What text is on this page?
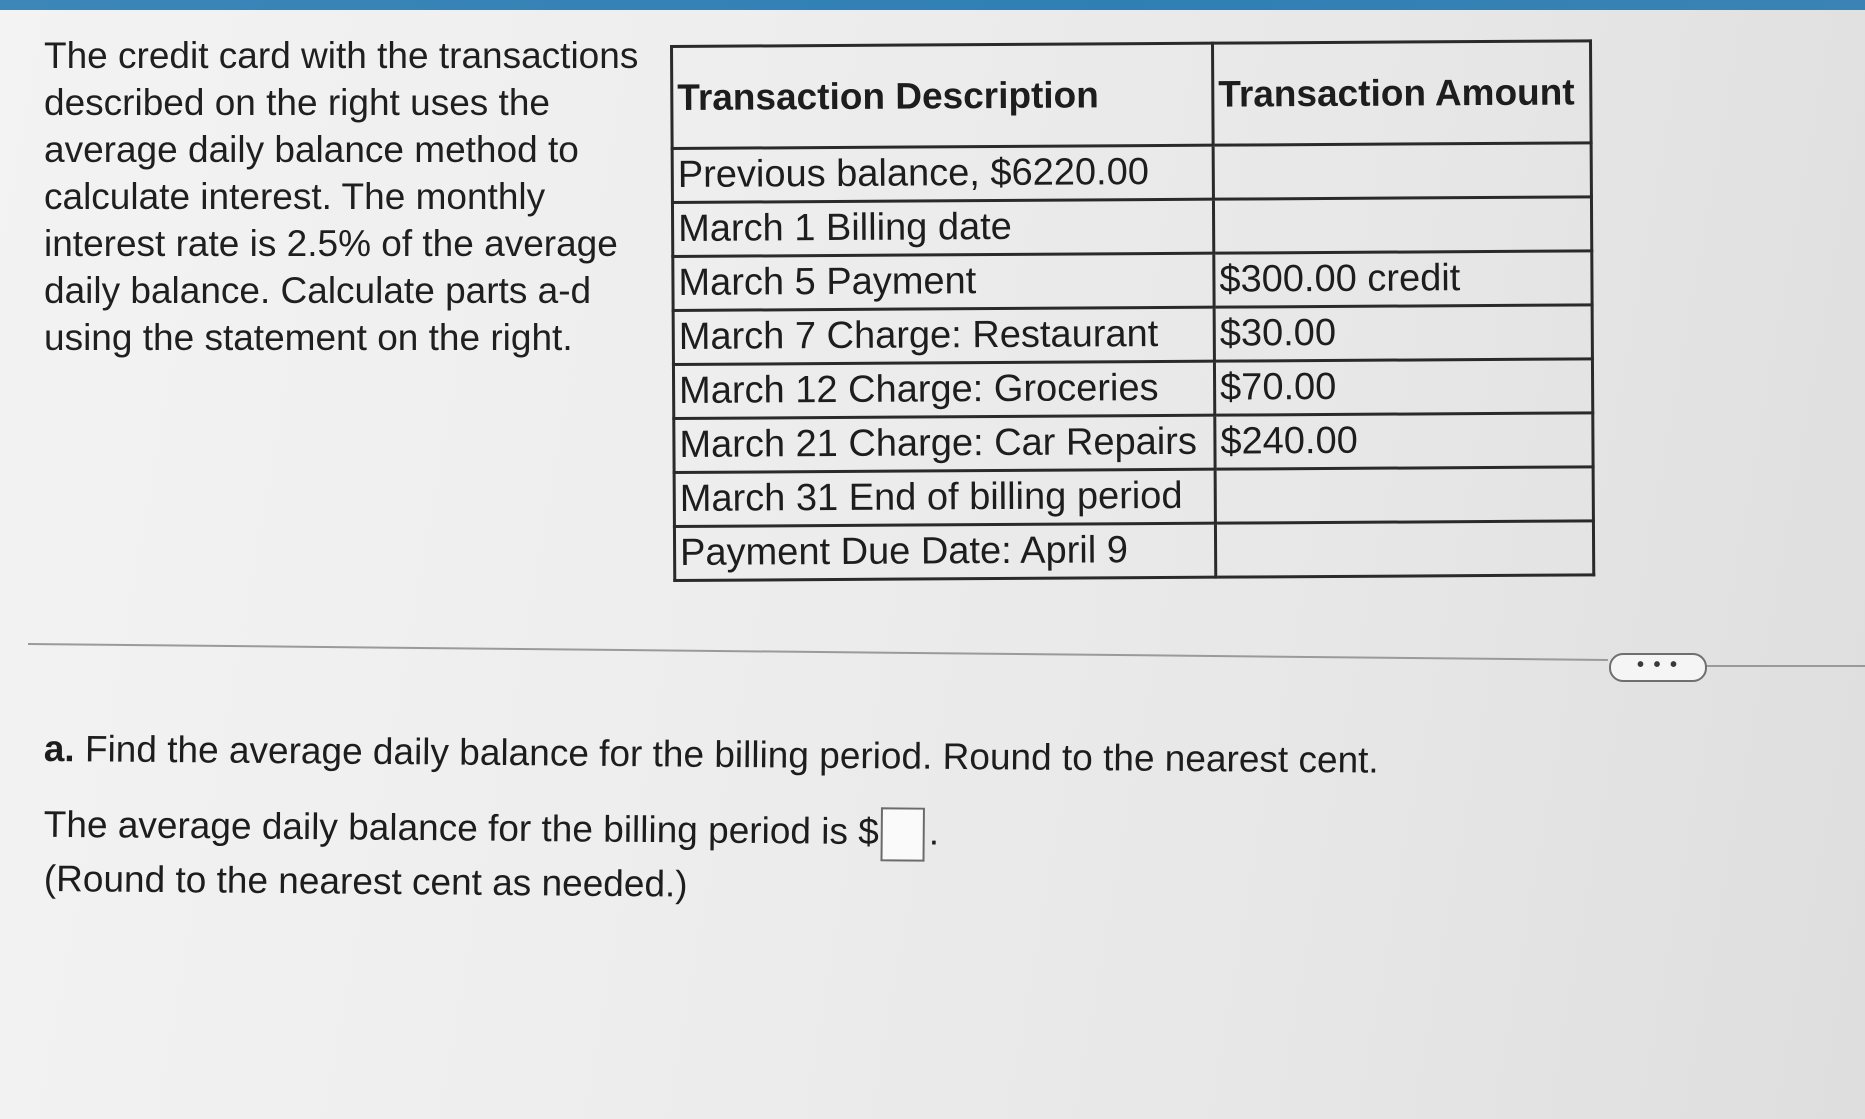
The credit card with the transactions described on the right uses the average daily balance method to calculate interest. The monthly interest rate is 2.5% of the average daily balance. Calculate parts a-d using the statement on the right.
Transaction Description	Transaction Amount
Previous balance, $6220.00	
March 1 Billing date	
March 5 Payment	$300.00 credit
March 7 Charge: Restaurant	$30.00
March 12 Charge: Groceries	$70.00
March 21 Charge: Car Repairs	$240.00
March 31 End of billing period	
Payment Due Date: April 9	
• • •
a. Find the average daily balance for the billing period. Round to the nearest cent.
The average daily balance for the billing period is $ .
(Round to the nearest cent as needed.)
